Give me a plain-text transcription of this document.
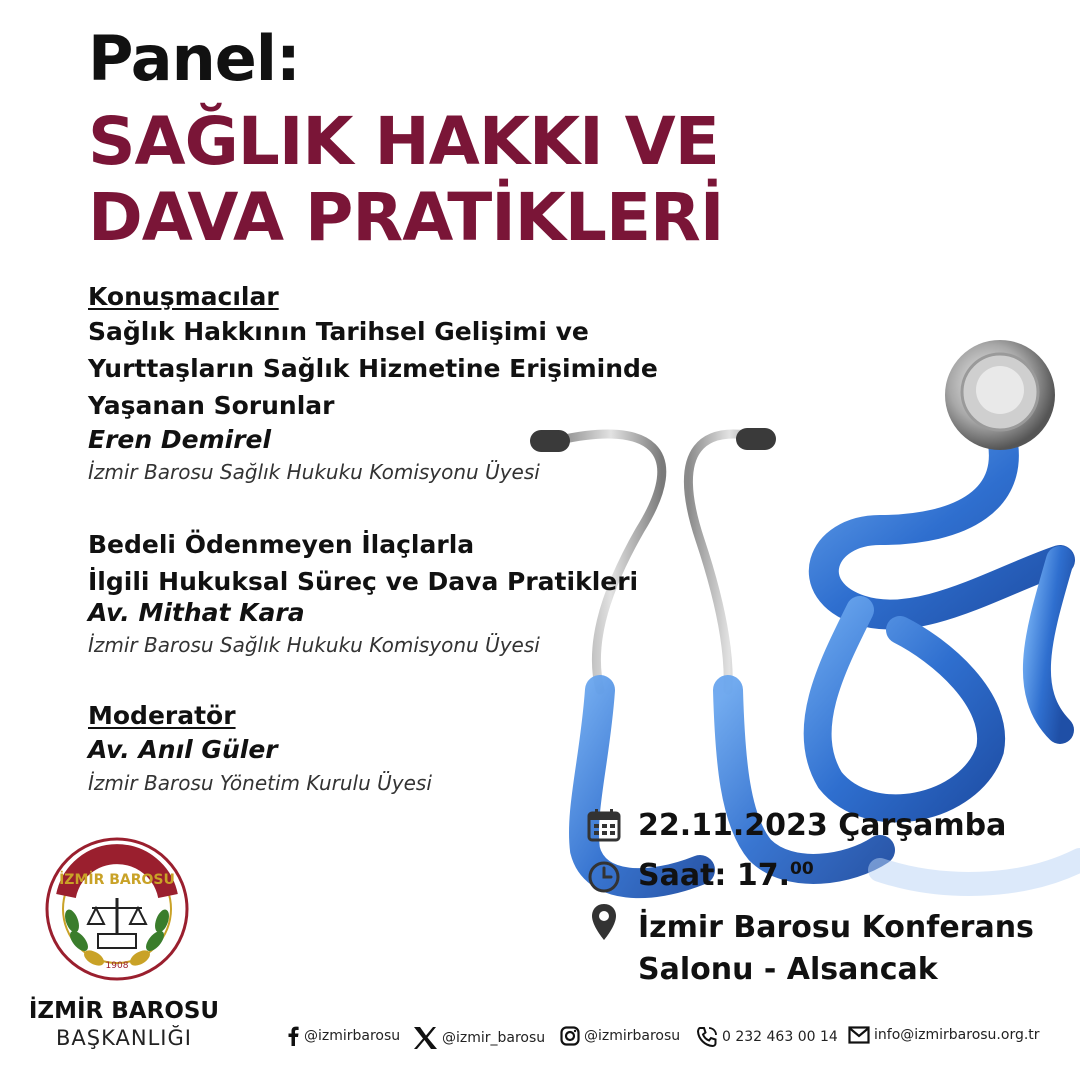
Panel:
SAĞLIK HAKKI VE
DAVA PRATİKLERİ
Konuşmacılar
Sağlık Hakkının Tarihsel Gelişimi ve
Yurttaşların Sağlık Hizmetine Erişiminde
Yaşanan Sorunlar
Eren Demirel
İzmir Barosu Sağlık Hukuku Komisyonu Üyesi
Bedeli Ödenmeyen İlaçlarla
İlgili Hukuksal Süreç ve Dava Pratikleri
Av. Mithat Kara
İzmir Barosu Sağlık Hukuku Komisyonu Üyesi
Moderatör
Av. Anıl Güler
İzmir Barosu Yönetim Kurulu Üyesi
22.11.2023 Çarşamba
Saat: 17.00
İzmir Barosu Konferans
Salonu - Alsancak
İZMİR BAROSU
1908
İZMİR BAROSU
BAŞKANLIĞI	@izmirbarosu	@izmir_barosu	@izmirbarosu	0 232 463 00 14	info@izmirbarosu.org.tr
